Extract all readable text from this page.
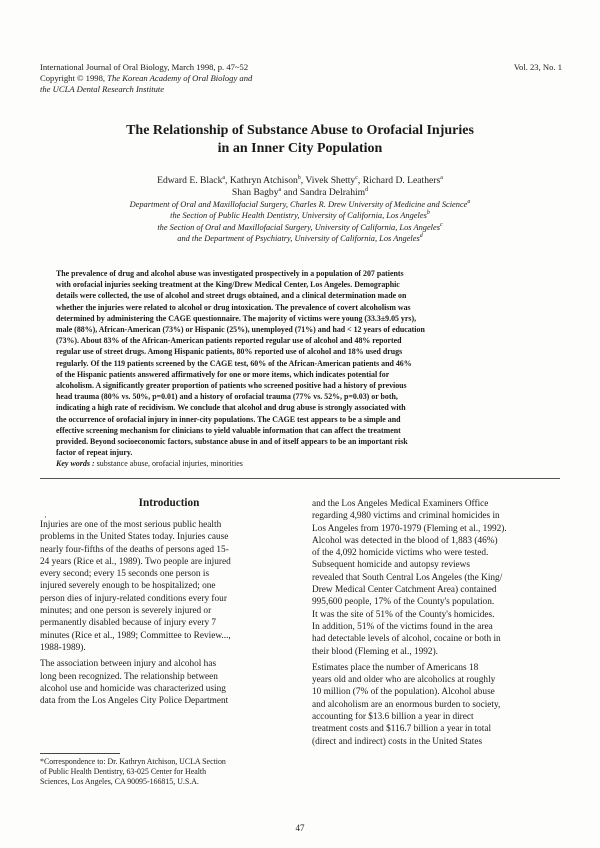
International Journal of Oral Biology, March 1998, p. 47~52
Copyright © 1998, The Korean Academy of Oral Biology and
the UCLA Dental Research Institute
Vol. 23, No. 1
The Relationship of Substance Abuse to Orofacial Injuries
in an Inner City Population
Edward E. Black$^a$, Kathryn Atchison$^b$, Vivek Shetty$^c$, Richard D. Leathers$^a$
Shan Bagby$^a$ and Sandra Delrahim$^d$
Department of Oral and Maxillofacial Surgery, Charles R. Drew University of Medicine and Science$^a$
the Section of Public Health Dentistry, University of California, Los Angeles$^b$
the Section of Oral and Maxillofacial Surgery, University of California, Los Angeles$^c$
and the Department of Psychiatry, University of California, Los Angeles$^d$
The prevalence of drug and alcohol abuse was investigated prospectively in a population of 207 patients
with orofacial injuries seeking treatment at the King/Drew Medical Center, Los Angeles. Demographic
details were collected, the use of alcohol and street drugs obtained, and a clinical determination made on
whether the injuries were related to alcohol or drug intoxication. The prevalence of covert alcoholism was
determined by administering the CAGE questionnaire. The majority of victims were young (33.3±9.05 yrs),
male (88%), African-American (73%) or Hispanic (25%), unemployed (71%) and had < 12 years of education
(73%). About 83% of the African-American patients reported regular use of alcohol and 48% reported
regular use of street drugs. Among Hispanic patients, 80% reported use of alcohol and 18% used drugs
regularly. Of the 119 patients screened by the CAGE test, 60% of the African-American patients and 46%
of the Hispanic patients answered affirmatively for one or more items, which indicates potential for
alcoholism. A significantly greater proportion of patients who screened positive had a history of previous
head trauma (80% vs. 50%, p=0.01) and a history of orofacial trauma (77% vs. 52%, p=0.03) or both,
indicating a high rate of recidivism. We conclude that alcohol and drug abuse is strongly associated with
the occurrence of orofacial injury in inner-city populations. The CAGE test appears to be a simple and
effective screening mechanism for clinicians to yield valuable information that can affect the treatment
provided. Beyond socioeconomic factors, substance abuse in and of itself appears to be an important risk
factor of repeat injury.
Key words : substance abuse, orofacial injuries, minorities
Introduction
·
Injuries are one of the most serious public health
problems in the United States today. Injuries cause
nearly four-fifths of the deaths of persons aged 15-
24 years (Rice et al., 1989). Two people are injured
every second; every 15 seconds one person is
injured severely enough to be hospitalized; one
person dies of injury-related conditions every four
minutes; and one person is severely injured or
permanently disabled because of injury every 7
minutes (Rice et al., 1989; Committee to Review...,
1988-1989).
The association between injury and alcohol has
long been recognized. The relationship between
alcohol use and homicide was characterized using
data from the Los Angeles City Police Department
and the Los Angeles Medical Examiners Office
regarding 4,980 victims and criminal homicides in
Los Angeles from 1970-1979 (Fleming et al., 1992).
Alcohol was detected in the blood of 1,883 (46%)
of the 4,092 homicide victims who were tested.
Subsequent homicide and autopsy reviews
revealed that South Central Los Angeles (the King/
Drew Medical Center Catchment Area) contained
995,600 people, 17% of the County's population.
It was the site of 51% of the County's homicides.
In addition, 51% of the victims found in the area
had detectable levels of alcohol, cocaine or both in
their blood (Fleming et al., 1992).
Estimates place the number of Americans 18
years old and older who are alcoholics at roughly
10 million (7% of the population). Alcohol abuse
and alcoholism are an enormous burden to society,
accounting for $13.6 billion a year in direct
treatment costs and $116.7 billion a year in total
(direct and indirect) costs in the United States
*Correspondence to: Dr. Kathryn Atchison, UCLA Section
of Public Health Dentistry, 63-025 Center for Health
Sciences, Los Angeles, CA 90095-166815, U.S.A.
47
